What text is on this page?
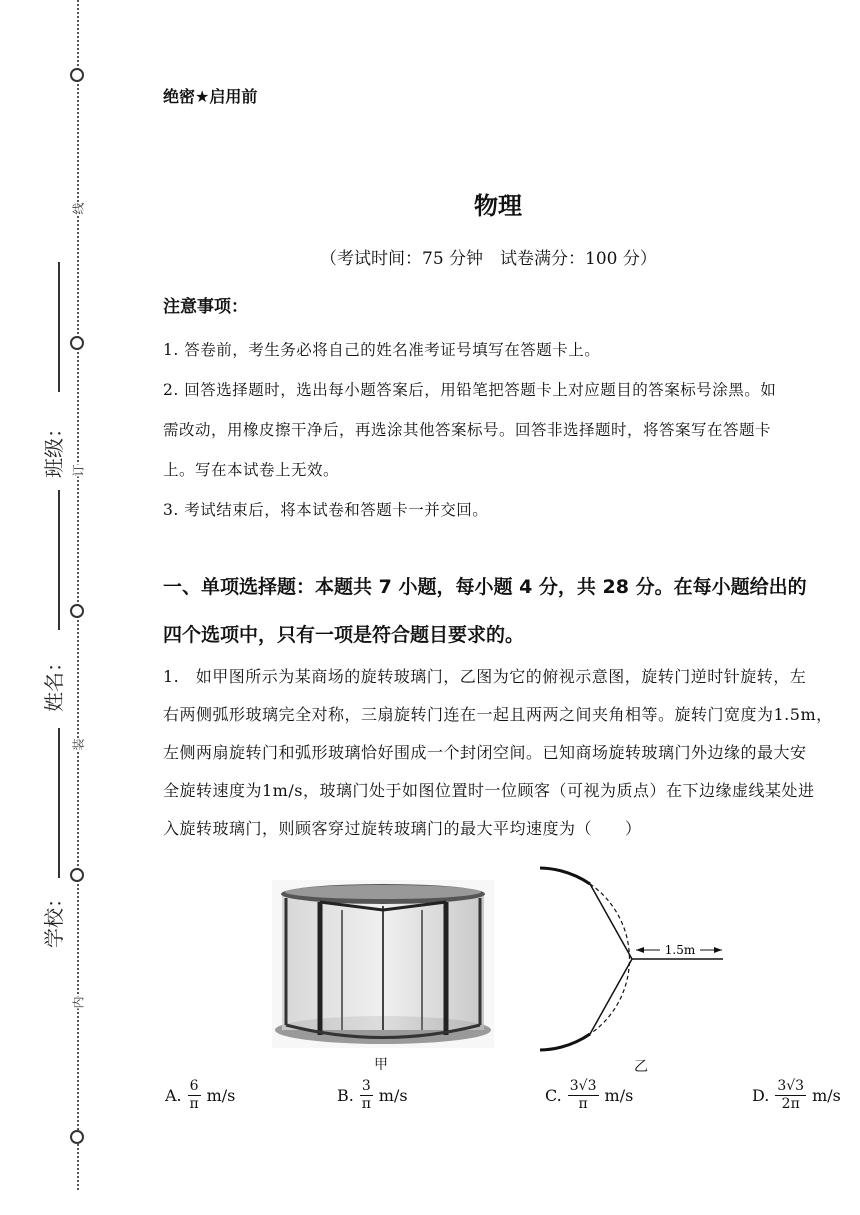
线
订
装
内
班级：
姓名：
学校：
绝密★启用前
物理
（考试时间：75 分钟　试卷满分：100 分）
注意事项：
1. 答卷前，考生务必将自己的姓名准考证号填写在答题卡上。
2. 回答选择题时，选出每小题答案后，用铅笔把答题卡上对应题目的答案标号涂黑。如
需改动，用橡皮擦干净后，再选涂其他答案标号。回答非选择题时，将答案写在答题卡
上。写在本试卷上无效。
3. 考试结束后，将本试卷和答题卡一并交回。
一、单项选择题：本题共 7 小题，每小题 4 分，共 28 分。在每小题给出的
四个选项中，只有一项是符合题目要求的。
1.　如甲图所示为某商场的旋转玻璃门，乙图为它的俯视示意图，旋转门逆时针旋转，左
右两侧弧形玻璃完全对称，三扇旋转门连在一起且两两之间夹角相等。旋转门宽度为1.5m，
左侧两扇旋转门和弧形玻璃恰好围成一个封闭空间。已知商场旋转玻璃门外边缘的最大安
全旋转速度为1m/s，玻璃门处于如图位置时一位顾客（可视为质点）在下边缘虚线某处进
入旋转玻璃门，则顾客穿过旋转玻璃门的最大平均速度为（　　）
甲
1.5m
乙
A. $\frac{6}{\pi} m/s$	B. $\frac{3}{\pi} m/s$	C. $\frac{3√3}{\pi} m/s$	D. $\frac{3√3}{2\pi} m/s$
